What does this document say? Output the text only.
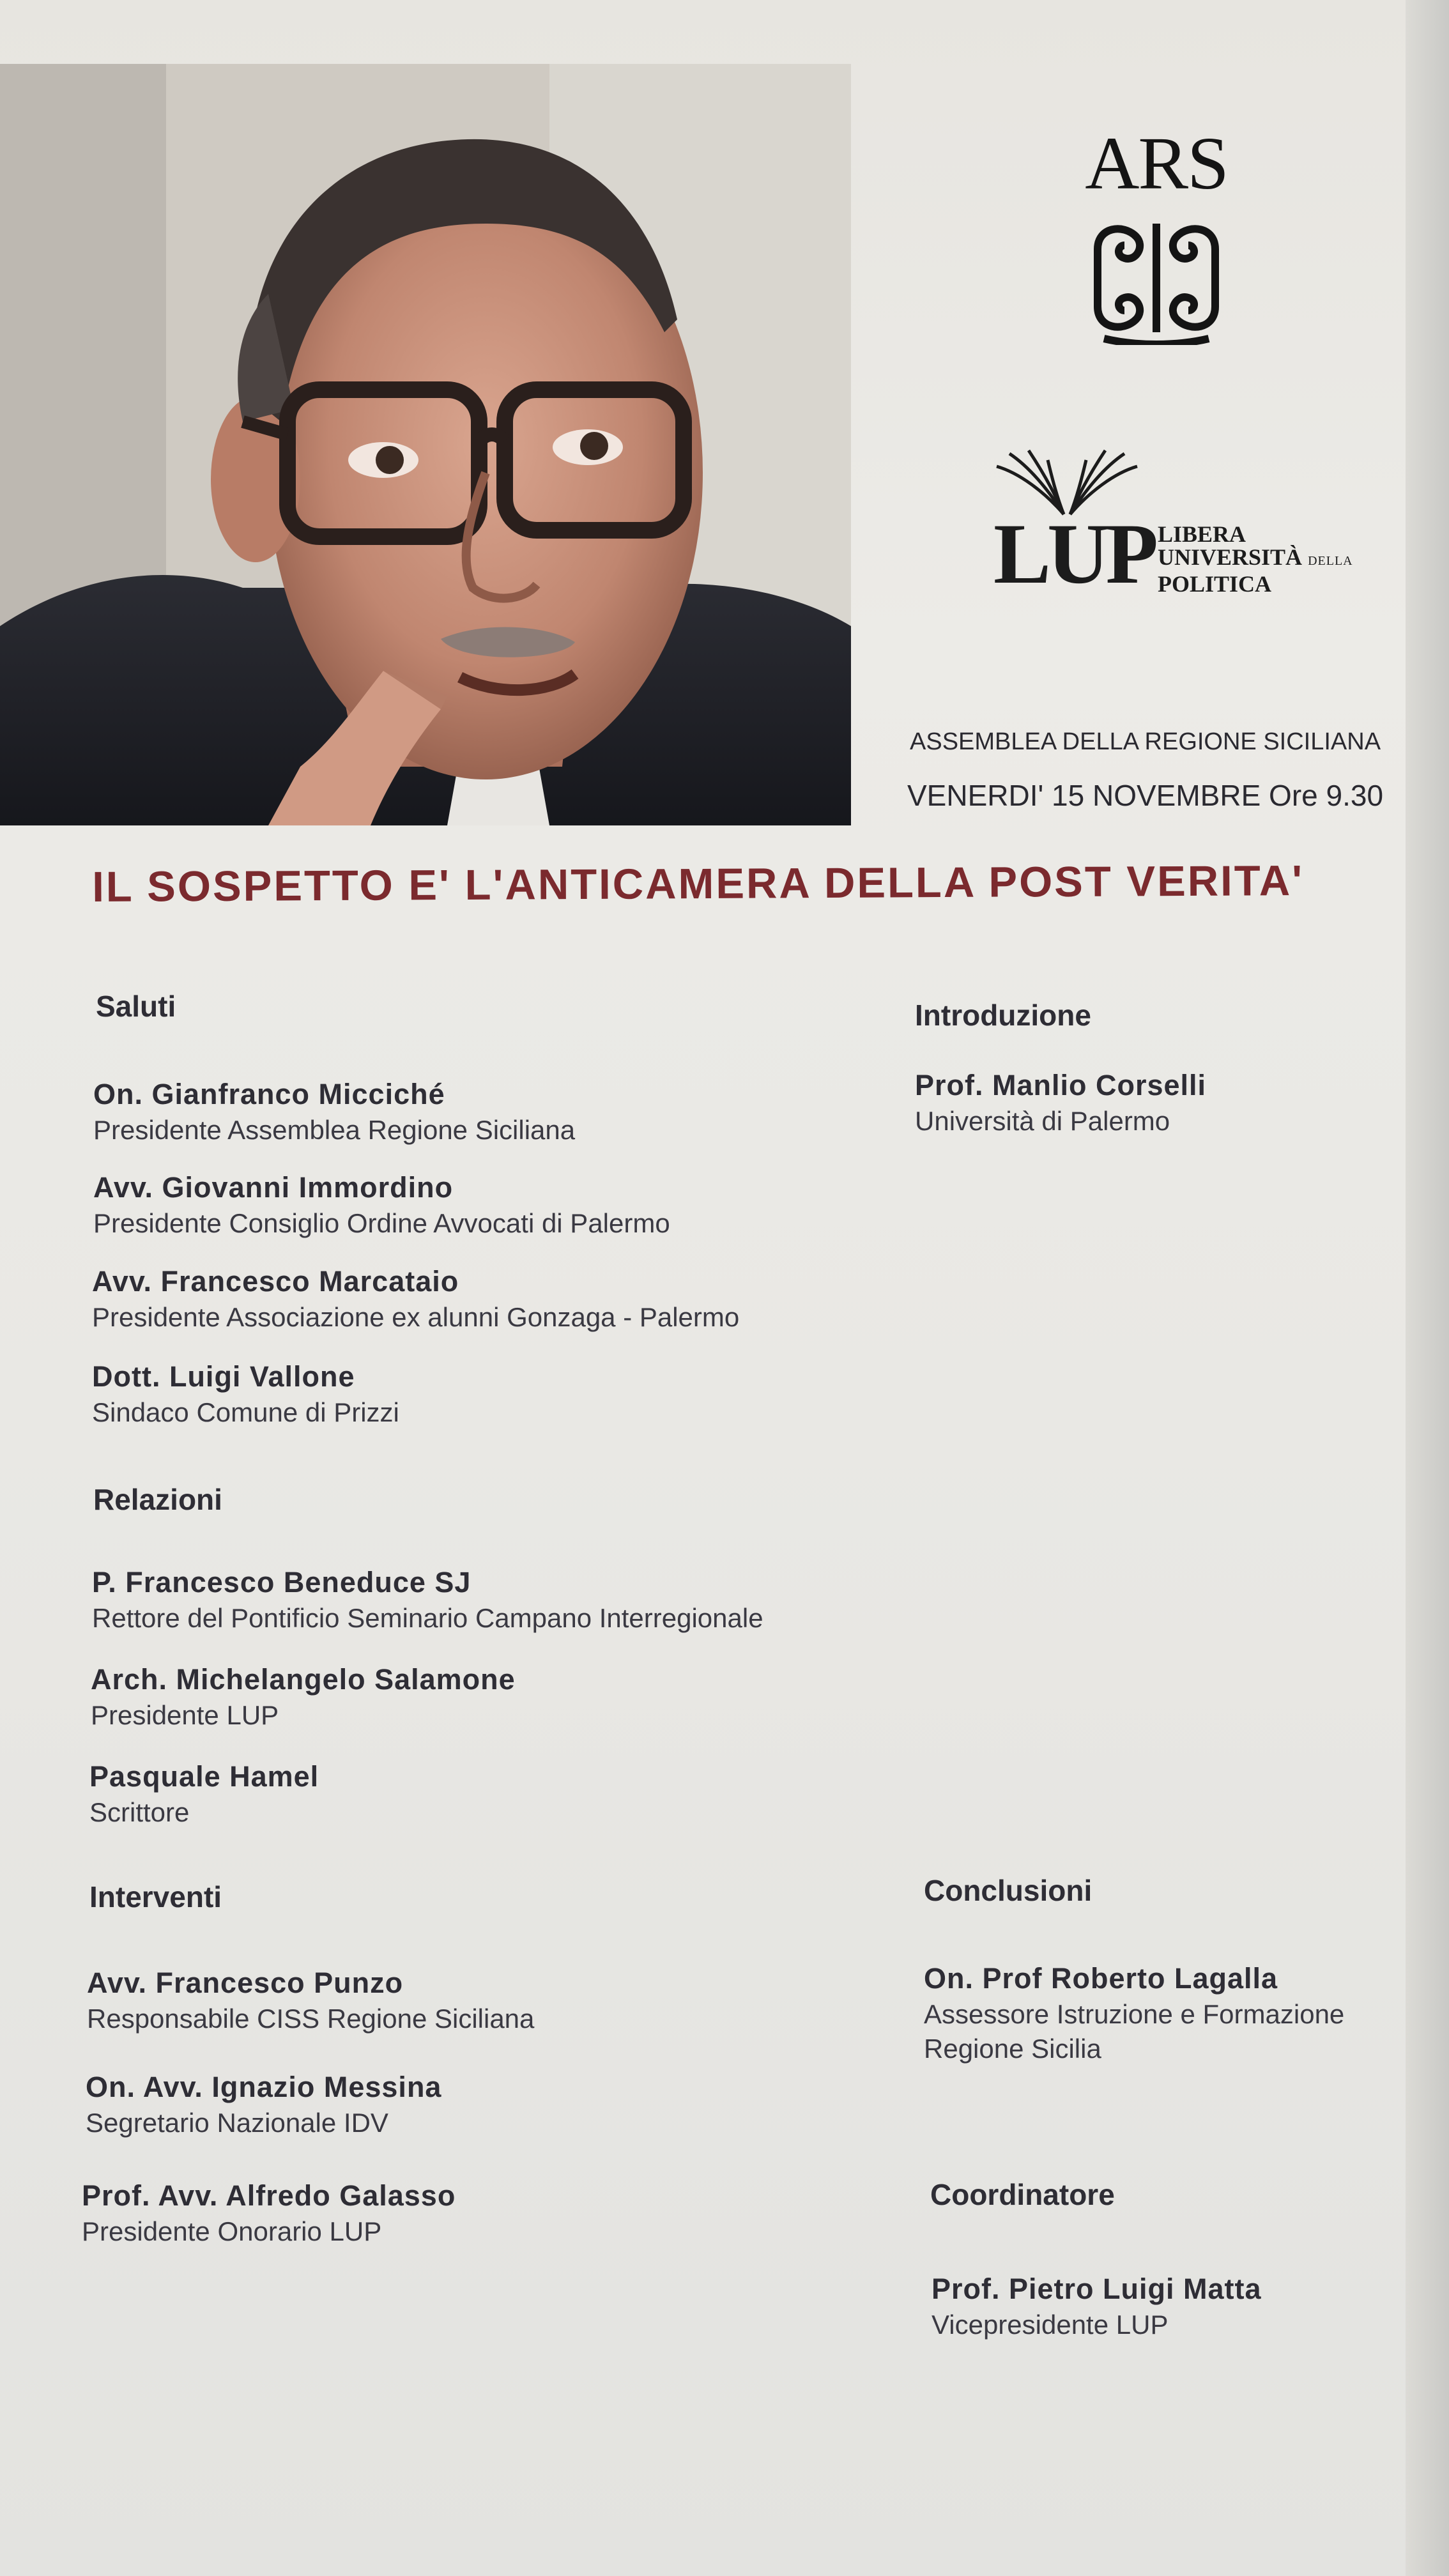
ARS
LUP LIBERA
UNIVERSITÀ DELLA
POLITICA
ASSEMBLEA DELLA REGIONE SICILIANA
VENERDI' 15 NOVEMBRE Ore 9.30
IL SOSPETTO E' L'ANTICAMERA DELLA POST VERITA'
Saluti
On. Gianfranco Micciché
Presidente Assemblea Regione Siciliana
Avv. Giovanni Immordino
Presidente Consiglio Ordine Avvocati di Palermo
Avv. Francesco Marcataio
Presidente Associazione ex alunni Gonzaga - Palermo
Dott. Luigi Vallone
Sindaco Comune di Prizzi
Introduzione
Prof. Manlio Corselli
Università di Palermo
Relazioni
P. Francesco Beneduce SJ
Rettore del Pontificio Seminario Campano Interregionale
Arch. Michelangelo Salamone
Presidente LUP
Pasquale Hamel
Scrittore
Interventi
Avv. Francesco Punzo
Responsabile CISS Regione Siciliana
On. Avv. Ignazio Messina
Segretario Nazionale IDV
Prof. Avv. Alfredo Galasso
Presidente Onorario LUP
Conclusioni
On. Prof Roberto Lagalla
Assessore Istruzione e Formazione
Regione Sicilia
Coordinatore
Prof. Pietro Luigi Matta
Vicepresidente LUP
